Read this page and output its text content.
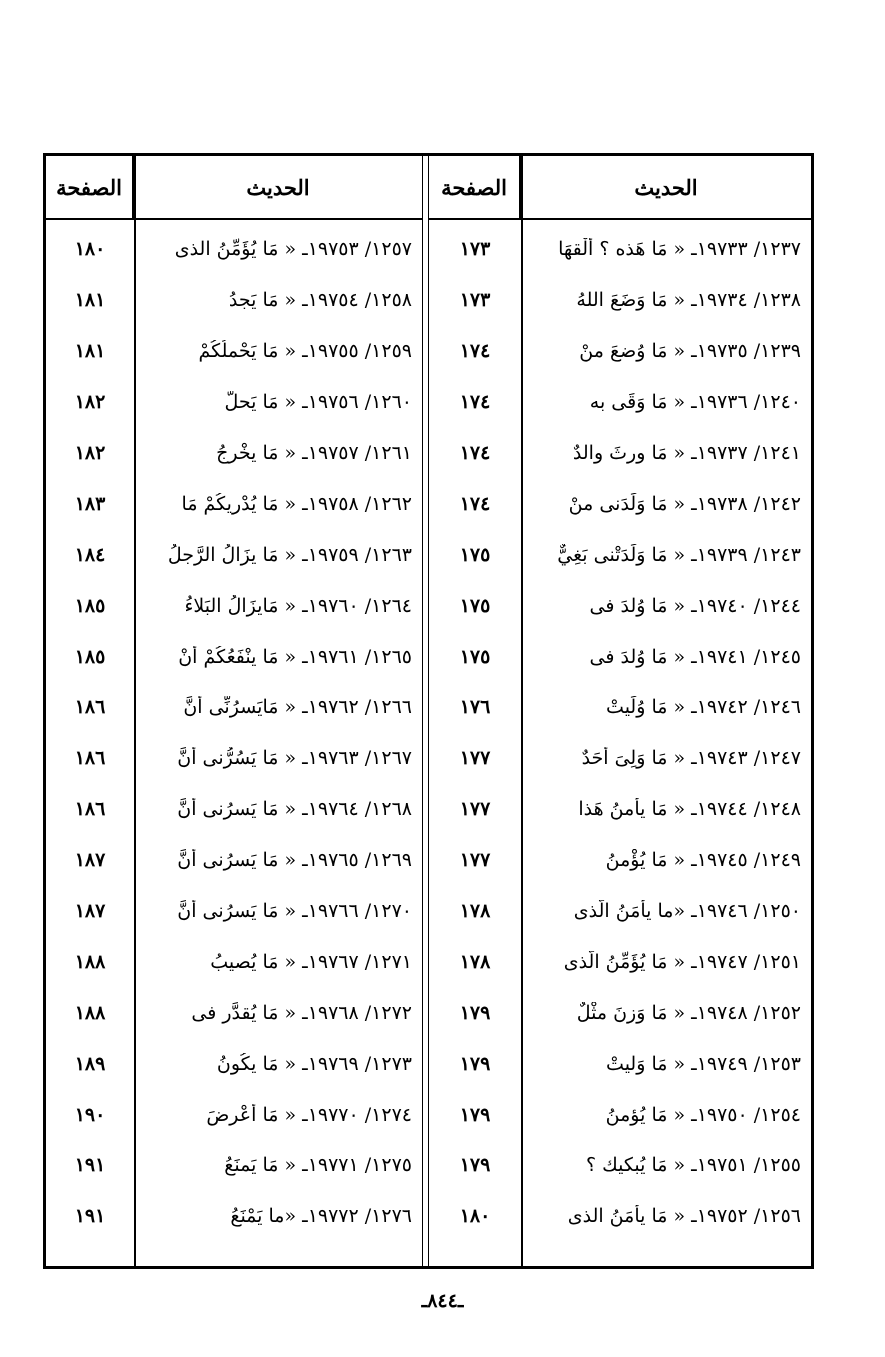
الحديث
الصفحة
١٢٣٧/ ١٩٧٣٣ـ « مَا هَذه ؟ أَلْقهَا
١٧٣
١٢٣٨/ ١٩٧٣٤ـ « مَا وَضَعَ اللهُ
١٧٣
١٢٣٩/ ١٩٧٣٥ـ « مَا وُضعَ منْ
١٧٤
١٢٤٠/ ١٩٧٣٦ـ « مَا وَقَى به
١٧٤
١٢٤١/ ١٩٧٣٧ـ « مَا ورثَ والدٌ
١٧٤
١٢٤٢/ ١٩٧٣٨ـ « مَا وَلَدَنى منْ
١٧٤
١٢٤٣/ ١٩٧٣٩ـ « مَا وَلَدَتْنى بَغِيٌّ
١٧٥
١٢٤٤/ ١٩٧٤٠ـ « مَا وُلدَ فى
١٧٥
١٢٤٥/ ١٩٧٤١ـ « مَا وُلدَ فى
١٧٥
١٢٤٦/ ١٩٧٤٢ـ « مَا وُلِّيتْ
١٧٦
١٢٤٧/ ١٩٧٤٣ـ « مَا وَلِىَ أَحَدٌ
١٧٧
١٢٤٨/ ١٩٧٤٤ـ « مَا يأمنُ هَذا
١٧٧
١٢٤٩/ ١٩٧٤٥ـ « مَا يُؤْمنُ
١٧٧
١٢٥٠/ ١٩٧٤٦ـ «ما يأمَنُ الَّذى
١٧٨
١٢٥١/ ١٩٧٤٧ـ « مَا يُؤَمِّنُ الَّذى
١٧٨
١٢٥٢/ ١٩٧٤٨ـ « مَا وَزنَ مثْلٌ
١٧٩
١٢٥٣/ ١٩٧٤٩ـ « مَا وَليتْ
١٧٩
١٢٥٤/ ١٩٧٥٠ـ « مَا يُؤمنُ
١٧٩
١٢٥٥/ ١٩٧٥١ـ « مَا يُبكيك ؟
١٧٩
١٢٥٦/ ١٩٧٥٢ـ « مَا يأمَنُ الذى
١٨٠
الحديث
الصفحة
١٢٥٧/ ١٩٧٥٣ـ « مَا يُؤَمِّنُ الذى
١٨٠
١٢٥٨/ ١٩٧٥٤ـ « مَا يَجدُ
١٨١
١٢٥٩/ ١٩٧٥٥ـ « مَا يَحْملُكُمْ
١٨١
١٢٦٠/ ١٩٧٥٦ـ « مَا يَحلُّ
١٨٢
١٢٦١/ ١٩٧٥٧ـ « مَا يخْرجُ
١٨٢
١٢٦٢/ ١٩٧٥٨ـ « مَا يُدْريكُمْ مَا
١٨٣
١٢٦٣/ ١٩٧٥٩ـ « مَا يزَالُ الرَّجلُ
١٨٤
١٢٦٤/ ١٩٧٦٠ـ « مَايزَالُ البَلاءُ
١٨٥
١٢٦٥/ ١٩٧٦١ـ « مَا ينْفَعُكُمْ أَنْ
١٨٥
١٢٦٦/ ١٩٧٦٢ـ « مَايَسرُنِّى أَنَّ
١٨٦
١٢٦٧/ ١٩٧٦٣ـ « مَا يَسُرُّنى أَنَّ
١٨٦
١٢٦٨/ ١٩٧٦٤ـ « مَا يَسرُنى أَنَّ
١٨٦
١٢٦٩/ ١٩٧٦٥ـ « مَا يَسرُنى أَنَّ
١٨٧
١٢٧٠/ ١٩٧٦٦ـ « مَا يَسرُنى أَنَّ
١٨٧
١٢٧١/ ١٩٧٦٧ـ « مَا يُصيبُ
١٨٨
١٢٧٢/ ١٩٧٦٨ـ « مَا يُقدَّر فى
١٨٨
١٢٧٣/ ١٩٧٦٩ـ « مَا يكُونُ
١٨٩
١٢٧٤/ ١٩٧٧٠ـ « مَا أَعْرضَ
١٩٠
١٢٧٥/ ١٩٧٧١ـ « مَا يَمنَعُ
١٩١
١٢٧٦/ ١٩٧٧٢ـ «ما يَمْنَعُ
١٩١
ـ٨٤٤ـ
